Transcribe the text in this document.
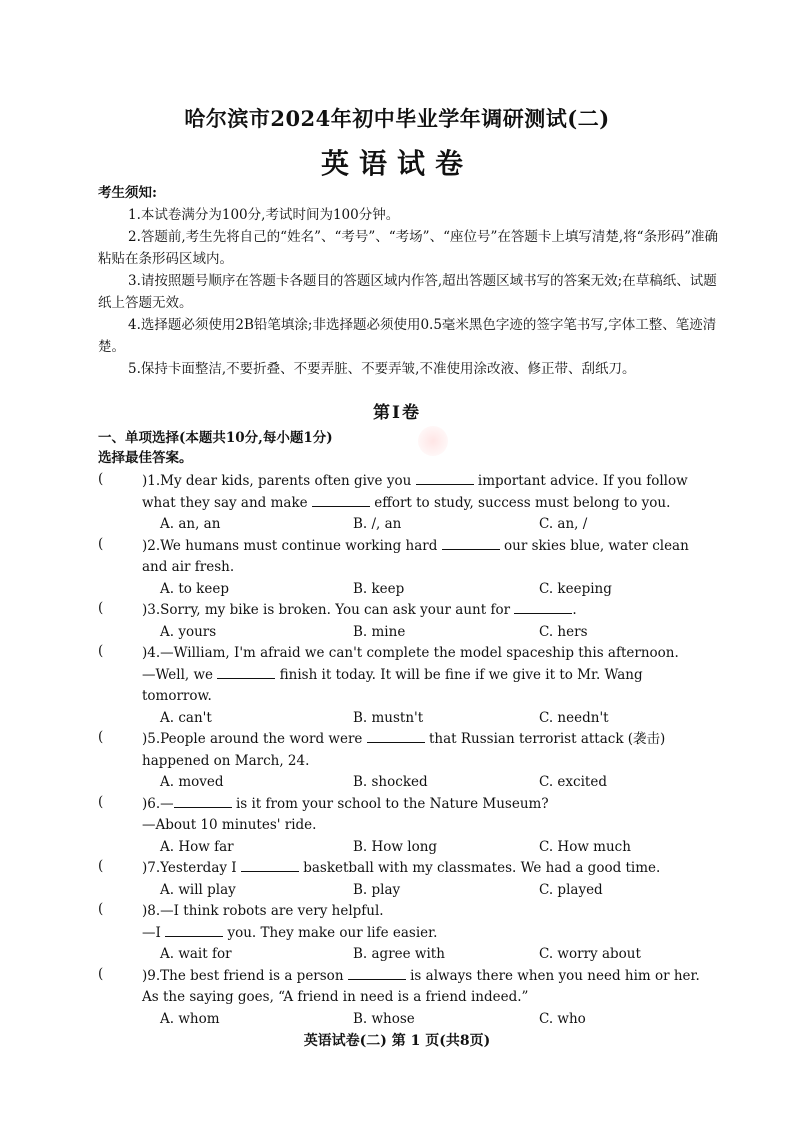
哈尔滨市2024年初中毕业学年调研测试(二)
英语试卷
考生须知:

1.本试卷满分为100分,考试时间为100分钟。

2.答题前,考生先将自己的“姓名”、“考号”、“考场”、“座位号”在答题卡上填写清楚,将“条形码”准确粘贴在条形码区域内。

3.请按照题号顺序在答题卡各题目的答题区域内作答,超出答题区域书写的答案无效;在草稿纸、试题纸上答题无效。

4.选择题必须使用2B铅笔填涂;非选择题必须使用0.5毫米黑色字迹的签字笔书写,字体工整、笔迹清楚。

5.保持卡面整洁,不要折叠、不要弄脏、不要弄皱,不准使用涂改液、修正带、刮纸刀。

第Ⅰ卷
一、单项选择(本题共10分,每小题1分)
选择最佳答案。
(	)1.My dear kids, parents often give you	important advice. If you follow what they say and make	effort to study, success must belong to you.
A. an, an	B. /, an	C. an, /
(	)2.We humans must continue working hard	our skies blue, water clean and air fresh.
A. to keep	B. keep	C. keeping
(	)3.Sorry, my bike is broken. You can ask your aunt for	.
A. yours	B. mine	C. hers
(	)4.—William, I'm afraid we can't complete the model spaceship this afternoon.
—Well, we	finish it today. It will be fine if we give it to Mr. Wang tomorrow.
A. can't	B. mustn't	C. needn't
(	)5.People around the word were	that Russian terrorist attack (袭击) happened on March, 24.
A. moved	B. shocked	C. excited
(	)6.—	is it from your school to the Nature Museum?
—About 10 minutes' ride.
A. How far	B. How long	C. How much
(	)7.Yesterday I	basketball with my classmates. We had a good time.
A. will play	B. play	C. played
(	)8.—I think robots are very helpful.
—I	you. They make our life easier.
A. wait for	B. agree with	C. worry about
(	)9.The best friend is a person	is always there when you need him or her. As the saying goes, “A friend in need is a friend indeed.”
A. whom	B. whose	C. who
英语试卷(二) 第 1 页(共8页)
